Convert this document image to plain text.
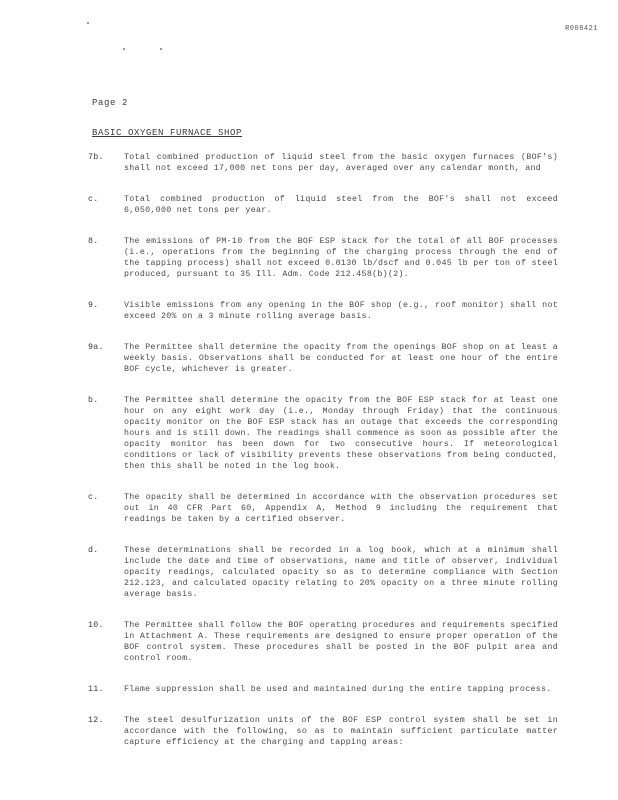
R008421
Page 2
BASIC OXYGEN FURNACE SHOP
7b.	Total combined production of liquid steel from the basic oxygen furnaces (BOF's) shall not exceed 17,000 net tons per day, averaged over any calendar month, and
c.	Total combined production of liquid steel from the BOF's shall not exceed 6,050,000 net tons per year.
8.	The emissions of PM-10 from the BOF ESP stack for the total of all BOF processes (i.e., operations from the beginning of the charging process through the end of the tapping process) shall not exceed 0.0130 lb/dscf and 0.045 lb per ton of steel produced, pursuant to 35 Ill. Adm. Code 212.458(b)(2).
9.	Visible emissions from any opening in the BOF shop (e.g., roof monitor) shall not exceed 20% on a 3 minute rolling average basis.
9a.	The Permittee shall determine the opacity from the openings BOF shop on at least a weekly basis. Observations shall be conducted for at least one hour of the entire BOF cycle, whichever is greater.
b.	The Permittee shall determine the opacity from the BOF ESP stack for at least one hour on any eight work day (i.e., Monday through Friday) that the continuous opacity monitor on the BOF ESP stack has an outage that exceeds the corresponding hours and is still down. The readings shall commence as soon as possible after the opacity monitor has been down for two consecutive hours. If meteorological conditions or lack of visibility prevents these observations from being conducted, then this shall be noted in the log book.
c.	The opacity shall be determined in accordance with the observation procedures set out in 40 CFR Part 60, Appendix A, Method 9 including the requirement that readings be taken by a certified observer.
d.	These determinations shall be recorded in a log book, which at a minimum shall include the date and time of observations, name and title of observer, individual opacity readings, calculated opacity so as to determine compliance with Section 212.123, and calculated opacity relating to 20% opacity on a three minute rolling average basis.
10.	The Permittee shall follow the BOF operating procedures and requirements specified in Attachment A. These requirements are designed to ensure proper operation of the BOF control system. These procedures shall be posted in the BOF pulpit area and control room.
11.	Flame suppression shall be used and maintained during the entire tapping process.
12.	The steel desulfurization units of the BOF ESP control system shall be set in accordance with the following, so as to maintain sufficient particulate matter capture efficiency at the charging and tapping areas:
